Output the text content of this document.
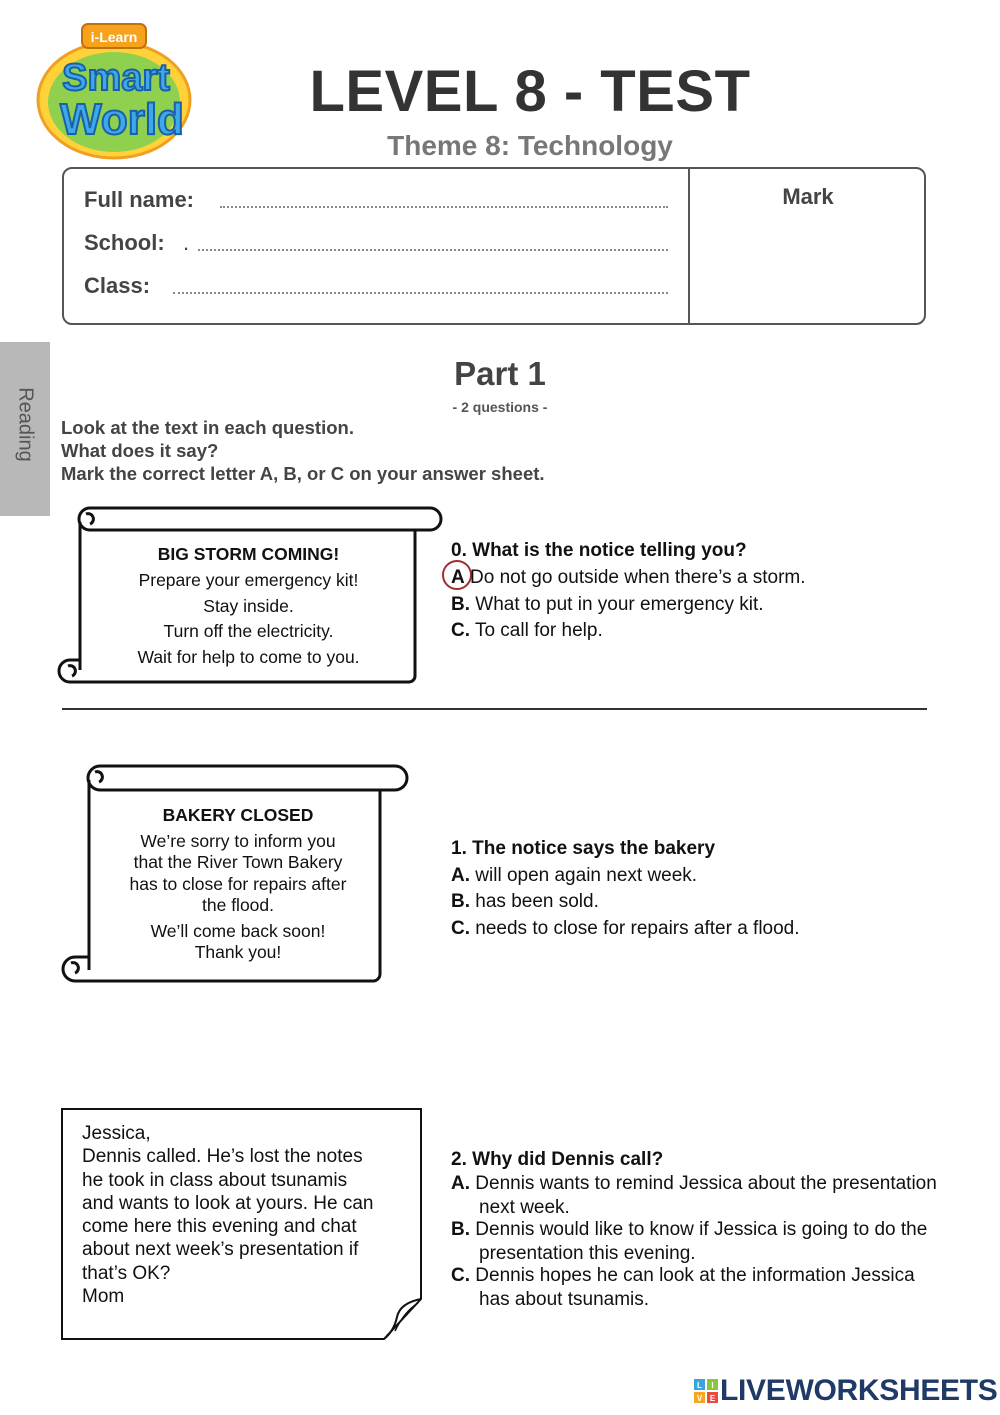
i-Learn
Smart
World	LEVEL 8 - TEST
Theme 8: Technology
Full name:
School: .
Class:
Mark
Reading
Part 1
- 2 questions -
Look at the text in each question.
What does it say?
Mark the correct letter A, B, or C on your answer sheet.
BIG STORM COMING!
Prepare your emergency kit!
Stay inside.
Turn off the electricity.
Wait for help to come to you.
0. What is the notice telling you?
A Do not go outside when there’s a storm.
B. What to put in your emergency kit.
C. To call for help.
BAKERY CLOSED
We’re sorry to inform you
that the River Town Bakery
has to close for repairs after
the flood.
We’ll come back soon!
Thank you!
1. The notice says the bakery
A. will open again next week.
B. has been sold.
C. needs to close for repairs after a flood.
Jessica,
Dennis called. He’s lost the notes
he took in class about tsunamis
and wants to look at yours. He can
come here this evening and chat
about next week’s presentation if
that’s OK?
Mom
2. Why did Dennis call?
A. Dennis wants to remind Jessica about the presentation
next week.
B. Dennis would like to know if Jessica is going to do the
presentation this evening.
C. Dennis hopes he can look at the information Jessica
has about tsunamis.
L I
V E LIVEWORKSHEETS
